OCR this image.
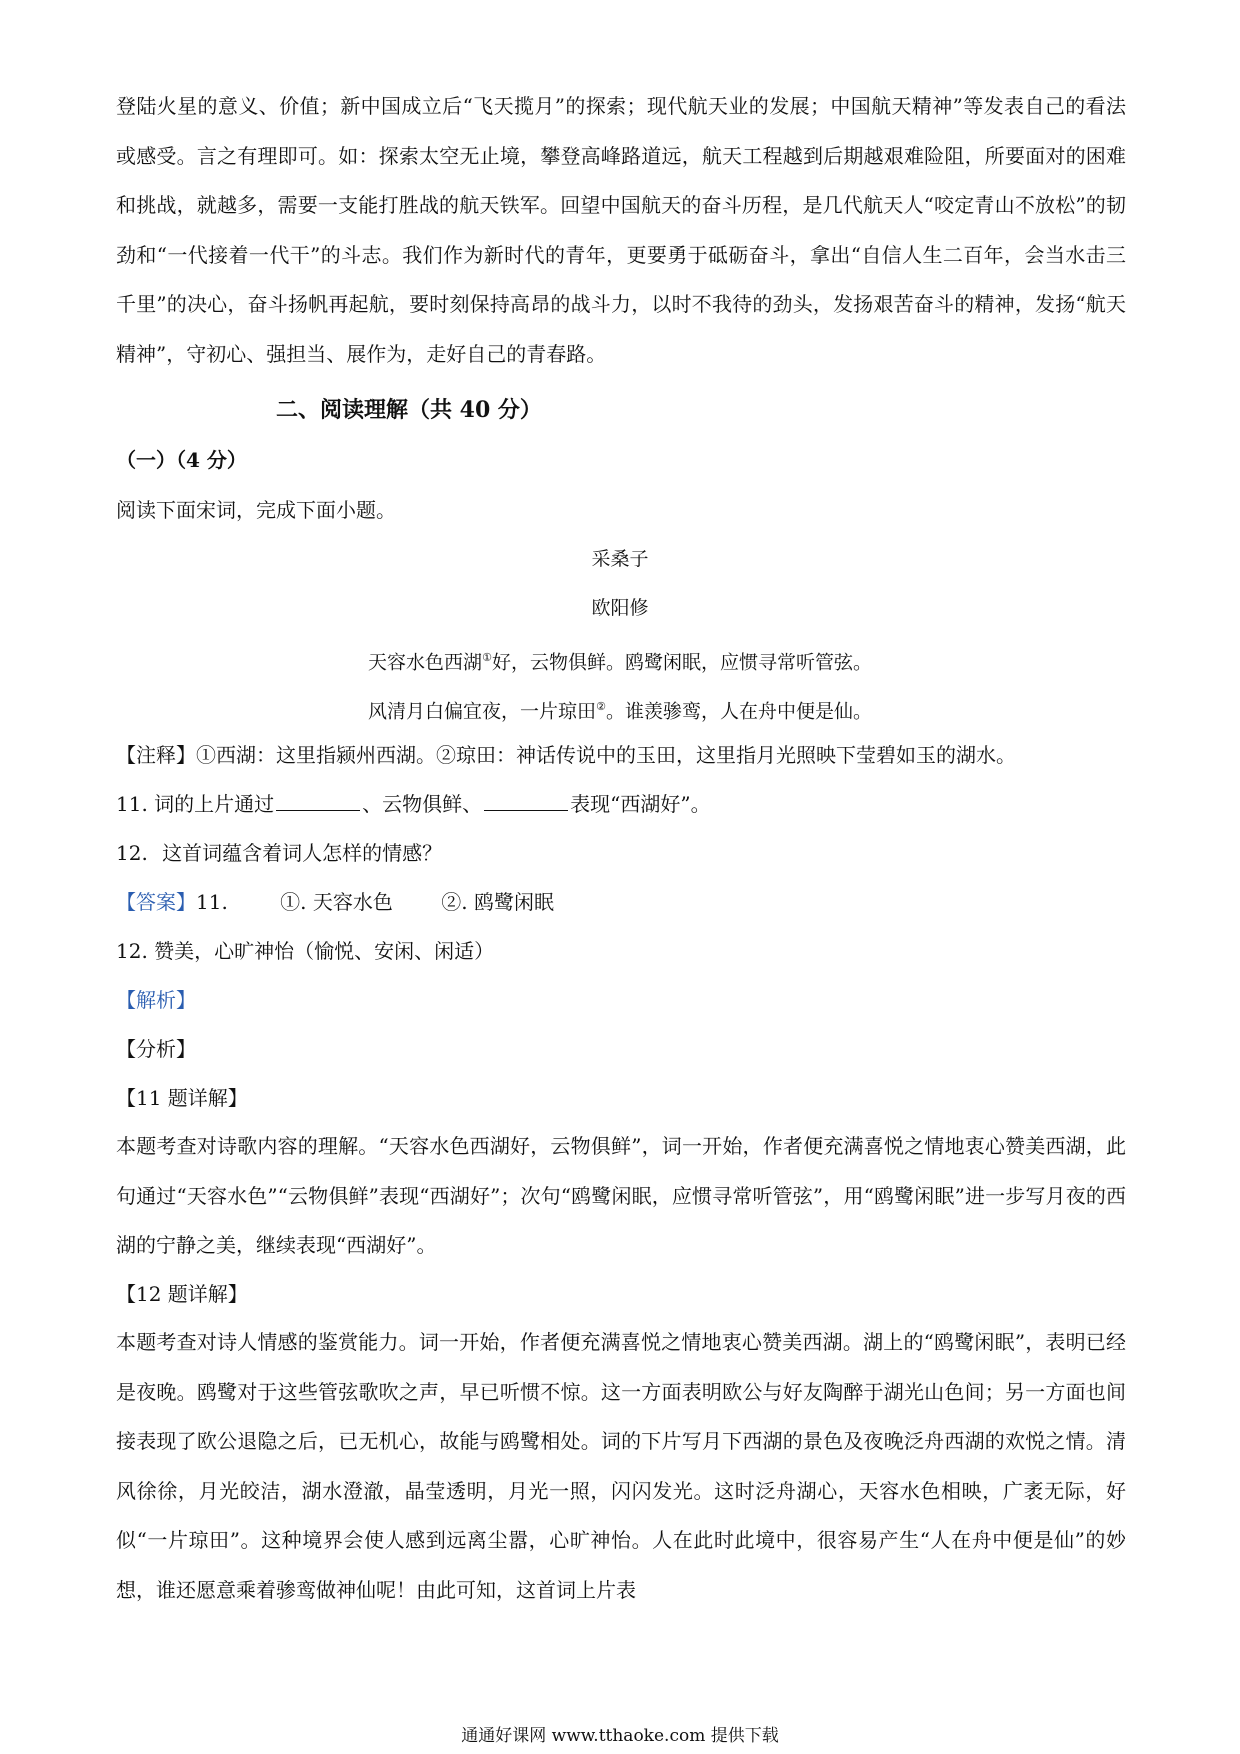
登陆火星的意义、价值；新中国成立后“飞天揽月”的探索；现代航天业的发展；中国航天精神”等发表自己的看法或感受。言之有理即可。如：探索太空无止境，攀登高峰路道远，航天工程越到后期越艰难险阻，所要面对的困难和挑战，就越多，需要一支能打胜战的航天铁军。回望中国航天的奋斗历程，是几代航天人“咬定青山不放松”的韧劲和“一代接着一代干”的斗志。我们作为新时代的青年，更要勇于砥砺奋斗，拿出“自信人生二百年，会当水击三千里”的决心，奋斗扬帆再起航，要时刻保持高昂的战斗力，以时不我待的劲头，发扬艰苦奋斗的精神，发扬“航天精神”，守初心、强担当、展作为，走好自己的青春路。

二、阅读理解（共 40 分）
（一）（4 分）
阅读下面宋词，完成下面小题。
采桑子
欧阳修
天容水色西湖①好，云物俱鲜。鸥鹭闲眠，应惯寻常听管弦。
风清月白偏宜夜，一片琼田②。谁羡骖鸾，人在舟中便是仙。
【注释】①西湖：这里指颍州西湖。②琼田：神话传说中的玉田，这里指月光照映下莹碧如玉的湖水。
11. 词的上片通过	、云物俱鲜、	表现“西湖好”。
12. 这首词蕴含着词人怎样的情感？
【答案】11.	①. 天容水色 ②. 鸥鹭闲眠
12. 赞美，心旷神怡（愉悦、安闲、闲适）
【解析】
【分析】
【11 题详解】

本题考查对诗歌内容的理解。“天容水色西湖好，云物俱鲜”，词一开始，作者便充满喜悦之情地衷心赞美西湖，此句通过“天容水色”“云物俱鲜”表现“西湖好”；次句“鸥鹭闲眠，应惯寻常听管弦”，用“鸥鹭闲眠”进一步写月夜的西湖的宁静之美，继续表现“西湖好”。

【12 题详解】

本题考查对诗人情感的鉴赏能力。词一开始，作者便充满喜悦之情地衷心赞美西湖。湖上的“鸥鹭闲眠”，表明已经是夜晚。鸥鹭对于这些管弦歌吹之声，早已听惯不惊。这一方面表明欧公与好友陶醉于湖光山色间；另一方面也间接表现了欧公退隐之后，已无机心，故能与鸥鹭相处。词的下片写月下西湖的景色及夜晚泛舟西湖的欢悦之情。清风徐徐，月光皎洁，湖水澄澈，晶莹透明，月光一照，闪闪发光。这时泛舟湖心，天容水色相映，广袤无际，好似“一片琼田”。这种境界会使人感到远离尘嚣，心旷神怡。人在此时此境中，很容易产生“人在舟中便是仙”的妙想，谁还愿意乘着骖鸾做神仙呢！由此可知，这首词上片表

通通好课网 www.tthaoke.com 提供下载
